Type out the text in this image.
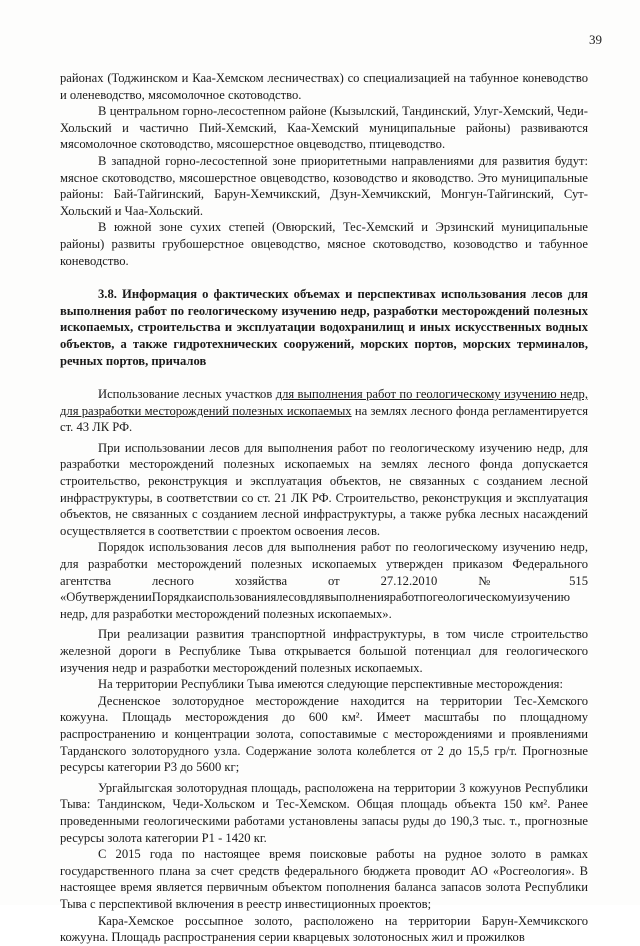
39

районах (Тоджинском и Каа-Хемском лесничествах) со специализацией на табунное коневодство и оленеводство, мясомолочное скотоводство.

В центральном горно-лесостепном районе (Кызылский, Тандинский, Улуг-Хемский, Чеди-Хольский и частично Пий-Хемский, Каа-Хемский муниципальные районы) развиваются мясомолочное скотоводство, мясошерстное овцеводство, птицеводство.

В западной горно-лесостепной зоне приоритетными направлениями для развития будут: мясное скотоводство, мясошерстное овцеводство, козоводство и яководство. Это муниципальные районы: Бай-Тайгинский, Барун-Хемчикский, Дзун-Хемчикский, Монгун-Тайгинский, Сут-Хольский и Чаа-Хольский.

В южной зоне сухих степей (Овюрский, Тес-Хемский и Эрзинский муниципальные районы) развиты грубошерстное овцеводство, мясное скотоводство, козоводство и табунное коневодство.

3.8. Информация о фактических объемах и перспективах использования лесов для выполнения работ по геологическому изучению недр, разработки месторождений полезных ископаемых, строительства и эксплуатации водохранилищ и иных искусственных водных объектов, а также гидротехнических сооружений, морских портов, морских терминалов, речных портов, причалов

Использование лесных участков для выполнения работ по геологическому изучению недр, для разработки месторождений полезных ископаемых на землях лесного фонда регламентируется ст. 43 ЛК РФ.

При использовании лесов для выполнения работ по геологическому изучению недр, для разработки месторождений полезных ископаемых на землях лесного фонда допускается строительство, реконструкция и эксплуатация объектов, не связанных с созданием лесной инфраструктуры, в соответствии со ст. 21 ЛК РФ. Строительство, реконструкция и эксплуатация объектов, не связанных с созданием лесной инфраструктуры, а также рубка лесных насаждений осуществляется в соответствии с проектом освоения лесов.

Порядок использования лесов для выполнения работ по геологическому изучению недр, для разработки месторождений полезных ископаемых утвержден приказом Федерального агентства лесного хозяйства от 27.12.2010 № 515 «ОбутвержденииПорядкаиспользованиялесовдлявыполненияработпогеологическомуизучению недр, для разработки месторождений полезных ископаемых».

При реализации развития транспортной инфраструктуры, в том числе строительство железной дороги в Республике Тыва открывается большой потенциал для геологического изучения недр и разработки месторождений полезных ископаемых.

На территории Республики Тыва имеются следующие перспективные месторождения:

Десненское золоторудное месторождение находится на территории Тес-Хемского кожууна. Площадь месторождения до 600 км². Имеет масштабы по площадному распространению и концентрации золота, сопоставимые с месторождениями и проявлениями Тарданского золоторудного узла. Содержание золота колеблется от 2 до 15,5 гр/т. Прогнозные ресурсы категории Р3 до 5600 кг;

Ургайлыгская золоторудная площадь, расположена на территории 3 кожуунов Республики Тыва: Тандинском, Чеди-Хольском и Тес-Хемском. Общая площадь объекта 150 км². Ранее проведенными геологическими работами установлены запасы руды до 190,3 тыс. т., прогнозные ресурсы золота категории Р1 - 1420 кг.

С 2015 года по настоящее время поисковые работы на рудное золото в рамках государственного плана за счет средств федерального бюджета проводит АО «Росгеология». В настоящее время является первичным объектом пополнения баланса запасов золота Республики Тыва с перспективой включения в реестр инвестиционных проектов;

Кара-Хемское россыпное золото, расположено на территории Барун-Хемчикского кожууна. Площадь распространения серии кварцевых золотоносных жил и прожилков
